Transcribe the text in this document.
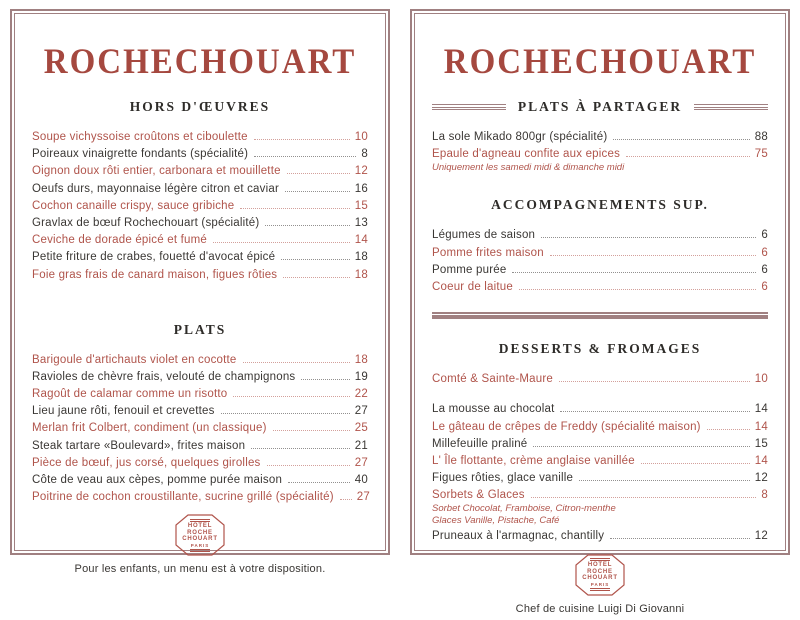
ROCHECHOUART
HORS D'ŒUVRES
Soupe vichyssoise croûtons et ciboulette	10
Poireaux vinaigrette fondants (spécialité)	8
Oignon doux rôti entier, carbonara et mouillette	12
Oeufs durs, mayonnaise légère citron et caviar	16
Cochon canaille crispy, sauce gribiche	15
Gravlax de bœuf Rochechouart (spécialité)	13
Ceviche de dorade épicé et fumé	14
Petite friture de crabes, fouetté d'avocat épicé	18
Foie gras frais de canard maison, figues rôties	18
PLATS
Barigoule d'artichauts violet en cocotte	18
Ravioles de chèvre frais, velouté de champignons	19
Ragoût de calamar comme un risotto	22
Lieu jaune rôti, fenouil et crevettes	27
Merlan frit Colbert, condiment (un classique)	25
Steak tartare «Boulevard», frites maison	21
Pièce de bœuf, jus corsé, quelques girolles	27
Côte de veau aux cèpes, pomme purée maison	40
Poitrine de cochon croustillante, sucrine grillé (spécialité) 27
HÔTEL
ROCHE
CHOUART
PARIS
Pour les enfants, un menu est à votre disposition.
ROCHECHOUART
PLATS À PARTAGER
La sole Mikado 800gr (spécialité)	88
Epaule d'agneau confite aux epices	75
Uniquement les samedi midi & dimanche midi
ACCOMPAGNEMENTS SUP.
Légumes de saison	6
Pomme frites maison	6
Pomme purée	6
Coeur de laitue	6
DESSERTS & FROMAGES
Comté & Sainte-Maure	10
La mousse au chocolat	14
Le gâteau de crêpes de Freddy (spécialité maison)	14
Millefeuille praliné	15
L' Île flottante, crème anglaise vanillée	14
Figues rôties, glace vanille	12
Sorbets & Glaces	8
Sorbet Chocolat, Framboise, Citron-menthe
Glaces Vanille, Pistache, Café
Pruneaux à l'armagnac, chantilly	12
HÔTEL
ROCHE
CHOUART
PARIS
Chef de cuisine Luigi Di Giovanni
